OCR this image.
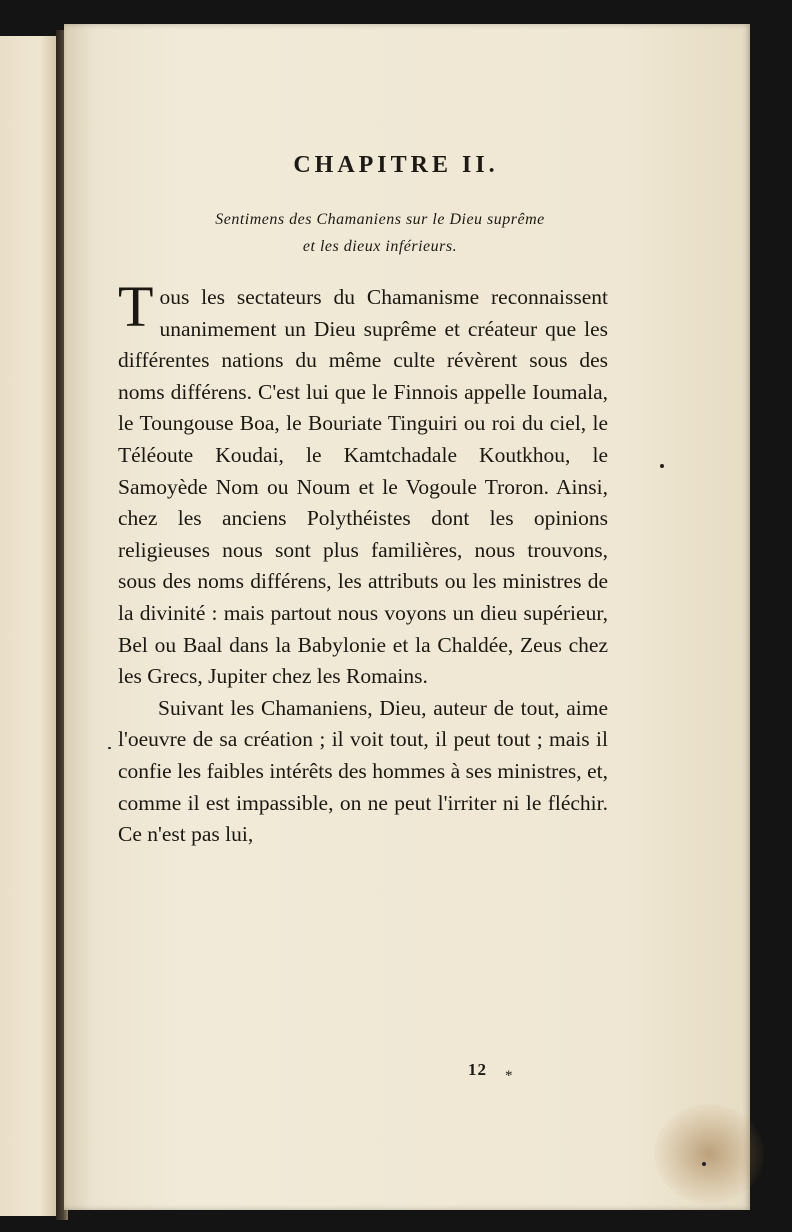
CHAPITRE II.
Sentimens des Chamaniens sur le Dieu suprême
et les dieux inférieurs.

Tous les sectateurs du Chamanisme reconnaissent unanimement un Dieu suprême et créateur que les différentes nations du même culte révèrent sous des noms différens. C'est lui que le Finnois appelle Ioumala, le Toungouse Boa, le Bouriate Tinguiri ou roi du ciel, le Téléoute Koudai, le Kamtchadale Koutkhou, le Samoyède Nom ou Noum et le Vogoule Troron. Ainsi, chez les anciens Polythéistes dont les opinions religieuses nous sont plus familières, nous trouvons, sous des noms différens, les attributs ou les ministres de la divinité : mais partout nous voyons un dieu supérieur, Bel ou Baal dans la Babylonie et la Chaldée, Zeus chez les Grecs, Jupiter chez les Romains.

Suivant les Chamaniens, Dieu, auteur de tout, aime l'oeuvre de sa création ; il voit tout, il peut tout ; mais il confie les faibles intérêts des hommes à ses ministres, et, comme il est impassible, on ne peut l'irriter ni le fléchir. Ce n'est pas lui,

12 *
